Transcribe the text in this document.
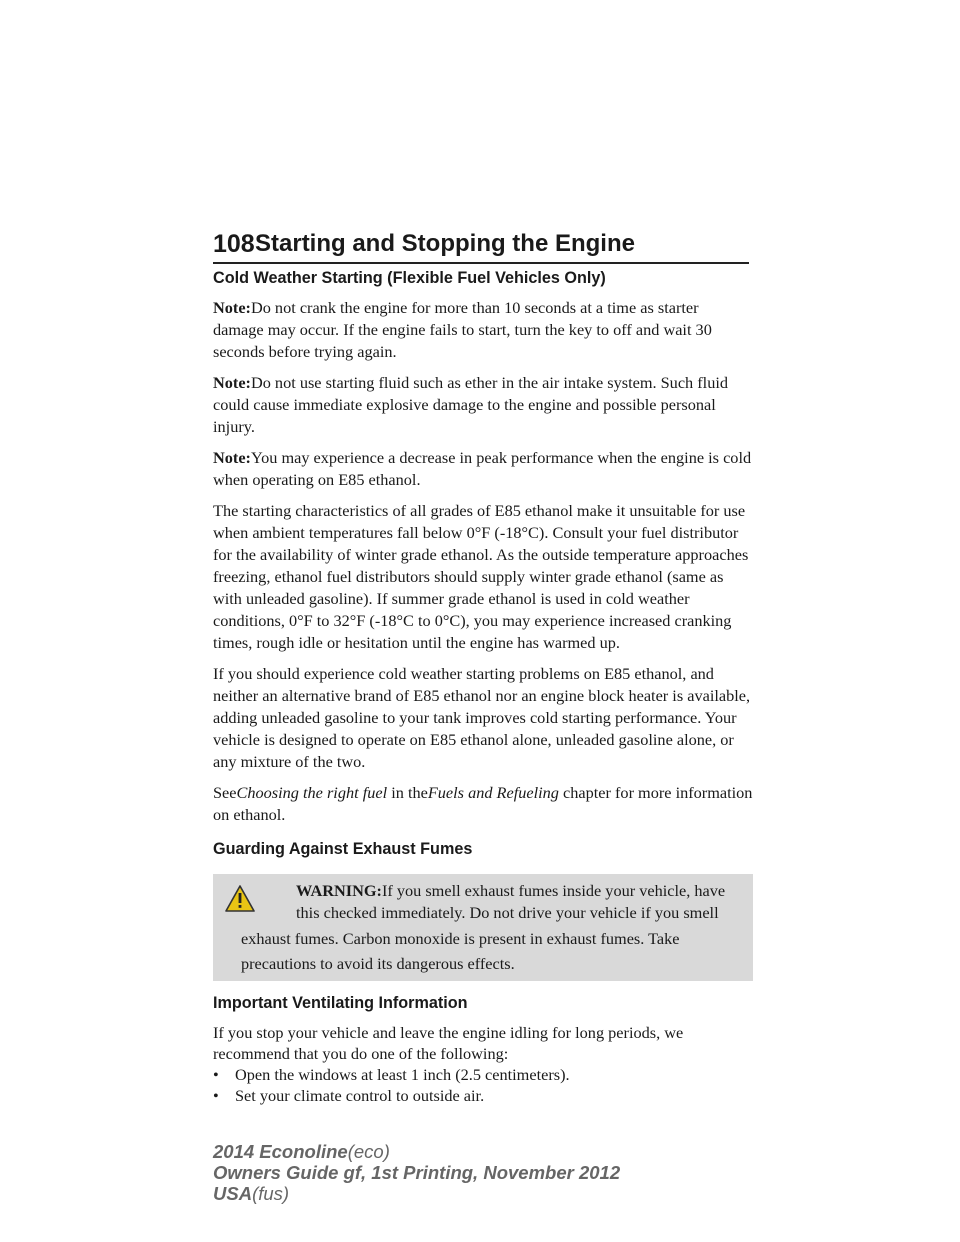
108 Starting and Stopping the Engine
Cold Weather Starting (Flexible Fuel Vehicles Only)

Note:Do not crank the engine for more than 10 seconds at a time as starter damage may occur. If the engine fails to start, turn the key to off and wait 30 seconds before trying again.

Note:Do not use starting fluid such as ether in the air intake system. Such fluid could cause immediate explosive damage to the engine and possible personal injury.

Note:You may experience a decrease in peak performance when the engine is cold when operating on E85 ethanol.

The starting characteristics of all grades of E85 ethanol make it unsuitable for use when ambient temperatures fall below 0°F (-18°C). Consult your fuel distributor for the availability of winter grade ethanol. As the outside temperature approaches freezing, ethanol fuel distributors should supply winter grade ethanol (same as with unleaded gasoline). If summer grade ethanol is used in cold weather conditions, 0°F to 32°F (-18°C to 0°C), you may experience increased cranking times, rough idle or hesitation until the engine has warmed up.

If you should experience cold weather starting problems on E85 ethanol, and neither an alternative brand of E85 ethanol nor an engine block heater is available, adding unleaded gasoline to your tank improves cold starting performance. Your vehicle is designed to operate on E85 ethanol alone, unleaded gasoline alone, or any mixture of the two.

SeeChoosing the right fuel in theFuels and Refueling chapter for more information on ethanol.

Guarding Against Exhaust Fumes
WARNING:If you smell exhaust fumes inside your vehicle, have
this checked immediately. Do not drive your vehicle if you smell
exhaust fumes. Carbon monoxide is present in exhaust fumes. Take
precautions to avoid its dangerous effects.
Important Ventilating Information

If you stop your vehicle and leave the engine idling for long periods, we recommend that you do one of the following:

• Open the windows at least 1 inch (2.5 centimeters).
• Set your climate control to outside air.
2014 Econoline(eco)
Owners Guide gf, 1st Printing, November 2012
USA(fus)
